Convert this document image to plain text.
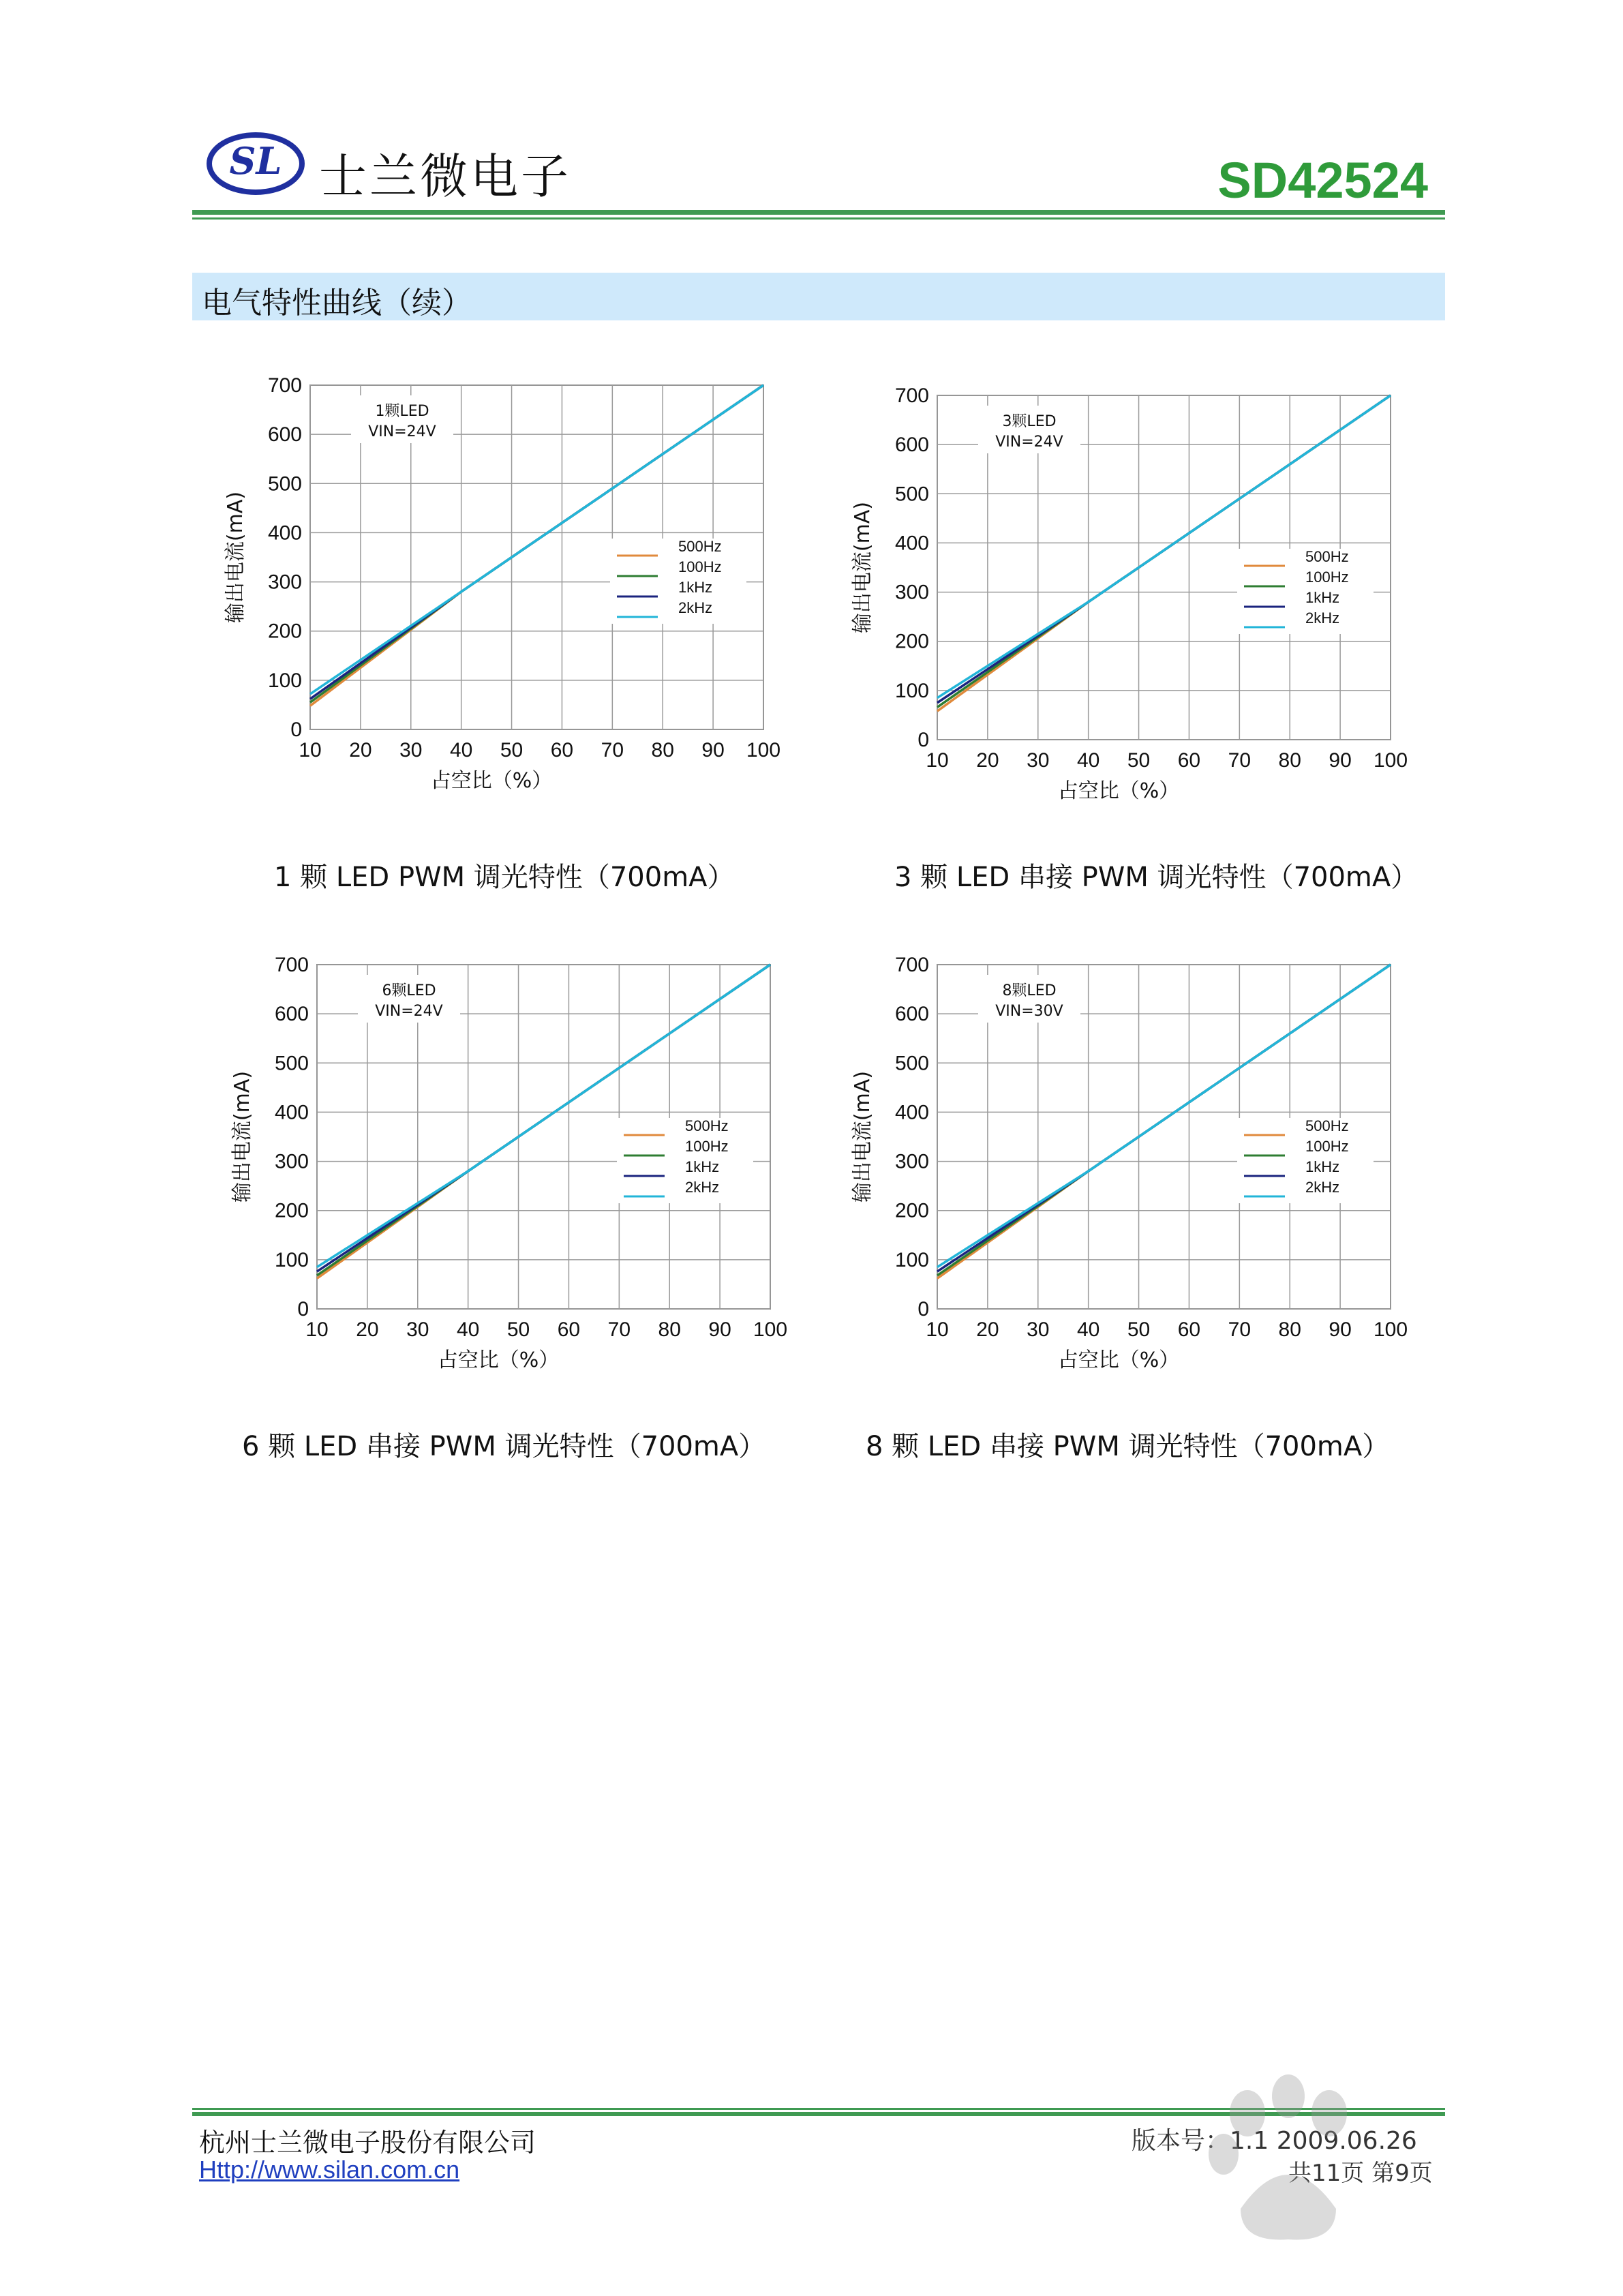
SL 士兰微电子	SD42524
电气特性曲线（续）
10 20 30 40 50 60 70 80 90 100
0
100
200
300
400
500
600
700
占空比（%）
输出电流(mA)
1颗LED
VIN=24V
500Hz
100Hz
1kHz
2kHz
1 颗 LED PWM 调光特性（700mA）
10 20 30 40 50 60 70 80 90 100
0
100
200
300
400
500
600
700
占空比（%）
输出电流(mA)
3颗LED
VIN=24V
500Hz
100Hz
1kHz
2kHz
3 颗 LED 串接 PWM 调光特性（700mA）
10 20 30 40 50 60 70 80 90 100
0
100
200
300
400
500
600
700
占空比（%）
输出电流(mA)
6颗LED
VIN=24V
500Hz
100Hz
1kHz
2kHz
6 颗 LED 串接 PWM 调光特性（700mA）
10 20 30 40 50 60 70 80 90 100
0
100
200
300
400
500
600
700
占空比（%）
输出电流(mA)
8颗LED
VIN=30V
500Hz
100Hz
1kHz
2kHz
8 颗 LED 串接 PWM 调光特性（700mA）
杭州士兰微电子股份有限公司
Http://www.silan.com.cn
版本号：1.1 2009.06.26
共11页 第9页
